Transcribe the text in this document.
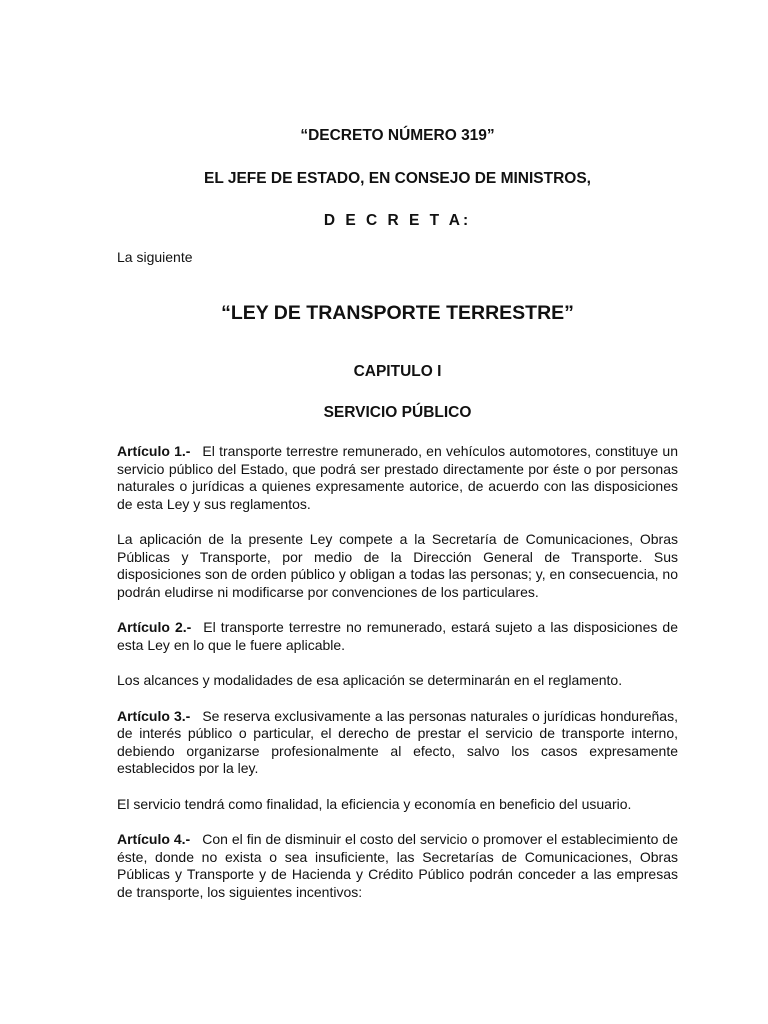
“DECRETO NÚMERO 319”

EL JEFE DE ESTADO, EN CONSEJO DE MINISTROS,

D E C R E T A:

La siguiente

“LEY DE TRANSPORTE TERRESTRE”

CAPITULO I

SERVICIO PÚBLICO

Artículo 1.- El transporte terrestre remunerado, en vehículos automotores, constituye un servicio público del Estado, que podrá ser prestado directamente por éste o por personas naturales o jurídicas a quienes expresamente autorice, de acuerdo con las disposiciones de esta Ley y sus reglamentos.

La aplicación de la presente Ley compete a la Secretaría de Comunicaciones, Obras Públicas y Transporte, por medio de la Dirección General de Transporte. Sus disposiciones son de orden público y obligan a todas las personas; y, en consecuencia, no podrán eludirse ni modificarse por convenciones de los particulares.

Artículo 2.- El transporte terrestre no remunerado, estará sujeto a las disposiciones de esta Ley en lo que le fuere aplicable.

Los alcances y modalidades de esa aplicación se determinarán en el reglamento.

Artículo 3.- Se reserva exclusivamente a las personas naturales o jurídicas hondureñas, de interés público o particular, el derecho de prestar el servicio de transporte interno, debiendo organizarse profesionalmente al efecto, salvo los casos expresamente establecidos por la ley.

El servicio tendrá como finalidad, la eficiencia y economía en beneficio del usuario.

Artículo 4.- Con el fin de disminuir el costo del servicio o promover el establecimiento de éste, donde no exista o sea insuficiente, las Secretarías de Comunicaciones, Obras Públicas y Transporte y de Hacienda y Crédito Público podrán conceder a las empresas de transporte, los siguientes incentivos:
